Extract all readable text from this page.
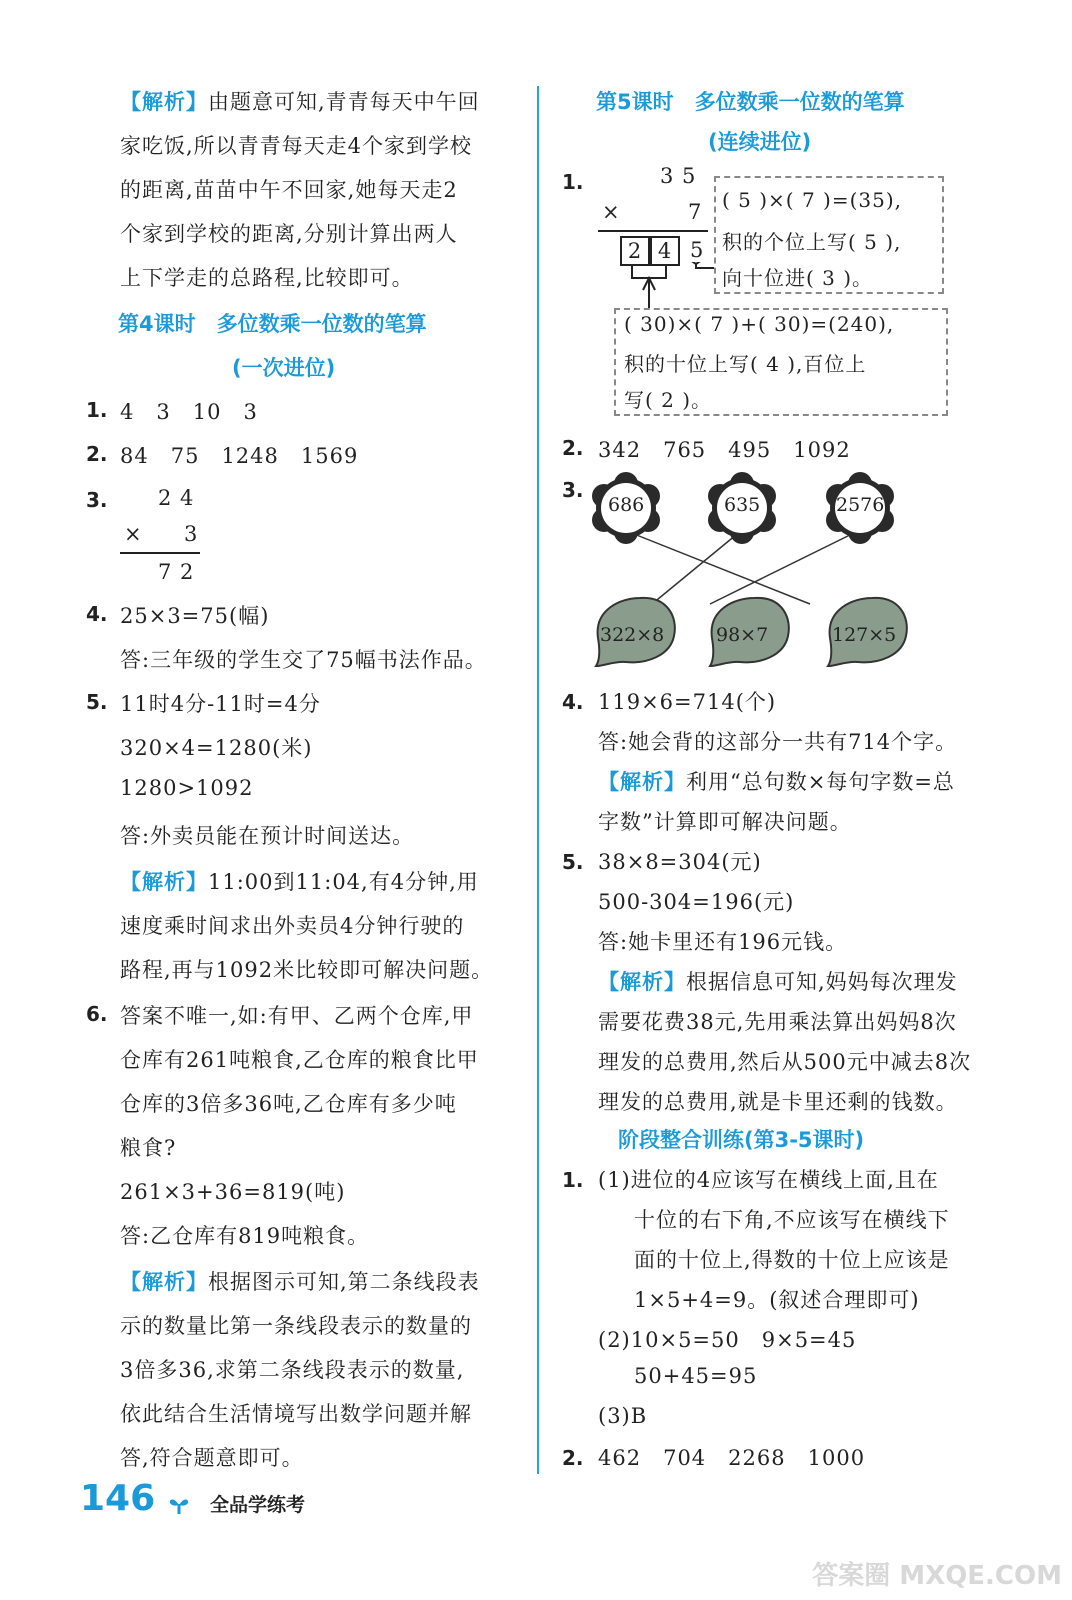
【解析】由题意可知,青青每天中午回
家吃饭,所以青青每天走4个家到学校
的距离,苗苗中午不回家,她每天走2
个家到学校的距离,分别计算出两人
上下学走的总路程,比较即可。
第4课时　多位数乘一位数的笔算
(一次进位)
1. 4　3　10　3
2. 84　75　1248　1569
3. 2 4
× 3
7 2
4. 25×3=75(幅)
答:三年级的学生交了75幅书法作品。
5. 11时4分-11时=4分
320×4=1280(米)
1280>1092
答:外卖员能在预计时间送达。
【解析】11:00到11:04,有4分钟,用
速度乘时间求出外卖员4分钟行驶的
路程,再与1092米比较即可解决问题。
6. 答案不唯一,如:有甲、乙两个仓库,甲
仓库有261吨粮食,乙仓库的粮食比甲
仓库的3倍多36吨,乙仓库有多少吨
粮食?
261×3+36=819(吨)
答:乙仓库有819吨粮食。
【解析】根据图示可知,第二条线段表
示的数量比第一条线段表示的数量的
3倍多36,求第二条线段表示的数量,
依此结合生活情境写出数学问题并解
答,符合题意即可。
第5课时　多位数乘一位数的笔算
(连续进位)
1.	3 5
×	7
2 4 5
( 5 )×( 7 )=(35),
积的个位上写( 5 ),
向十位进( 3 )。
( 30)×( 7 )+( 30)=(240),
积的十位上写( 4 ),百位上
写( 2 )。
2. 342　765　495　1092
3.
686	635	2576
322×8	98×7	127×5
4. 119×6=714(个)
答:她会背的这部分一共有714个字。
【解析】利用“总句数×每句字数=总
字数”计算即可解决问题。
5. 38×8=304(元)
500-304=196(元)
答:她卡里还有196元钱。
【解析】根据信息可知,妈妈每次理发
需要花费38元,先用乘法算出妈妈8次
理发的总费用,然后从500元中减去8次
理发的总费用,就是卡里还剩的钱数。
阶段整合训练(第3-5课时)
1. (1)进位的4应该写在横线上面,且在
十位的右下角,不应该写在横线下
面的十位上,得数的十位上应该是
1×5+4=9。(叙述合理即可)
(2)10×5=50　9×5=45
50+45=95
(3)B
2. 462　704　2268　1000
146	全品学练考
答案圈 MXQE.COM
